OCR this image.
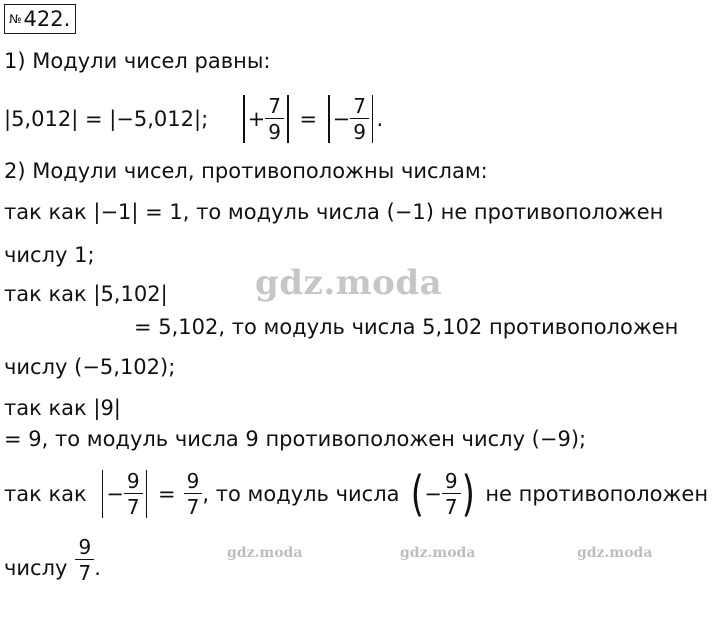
№ 422.
1) Модули чисел равны:
|5,012| = |−5,012|; + $\frac{7}{9}$ = − $\frac{7}{9}$ .
2) Модули чисел, противоположны числам:
так как |−1| = 1, то модуль числа (−1) не противоположен
числу 1;
так как |5,102|
= 5,102, то модуль числа 5,102 противоположен
числу (−5,102);
так как |9|
= 9, то модуль числа 9 противоположен числу (−9);
так как − $\frac{9}{7} = \frac{9}{7}$ , то модуль числа ( − $\frac{9}{7}$ ) не противоположен
числу $\frac{9}{7}$ .
gdz.moda
gdz.moda	gdz.moda	gdz.moda
